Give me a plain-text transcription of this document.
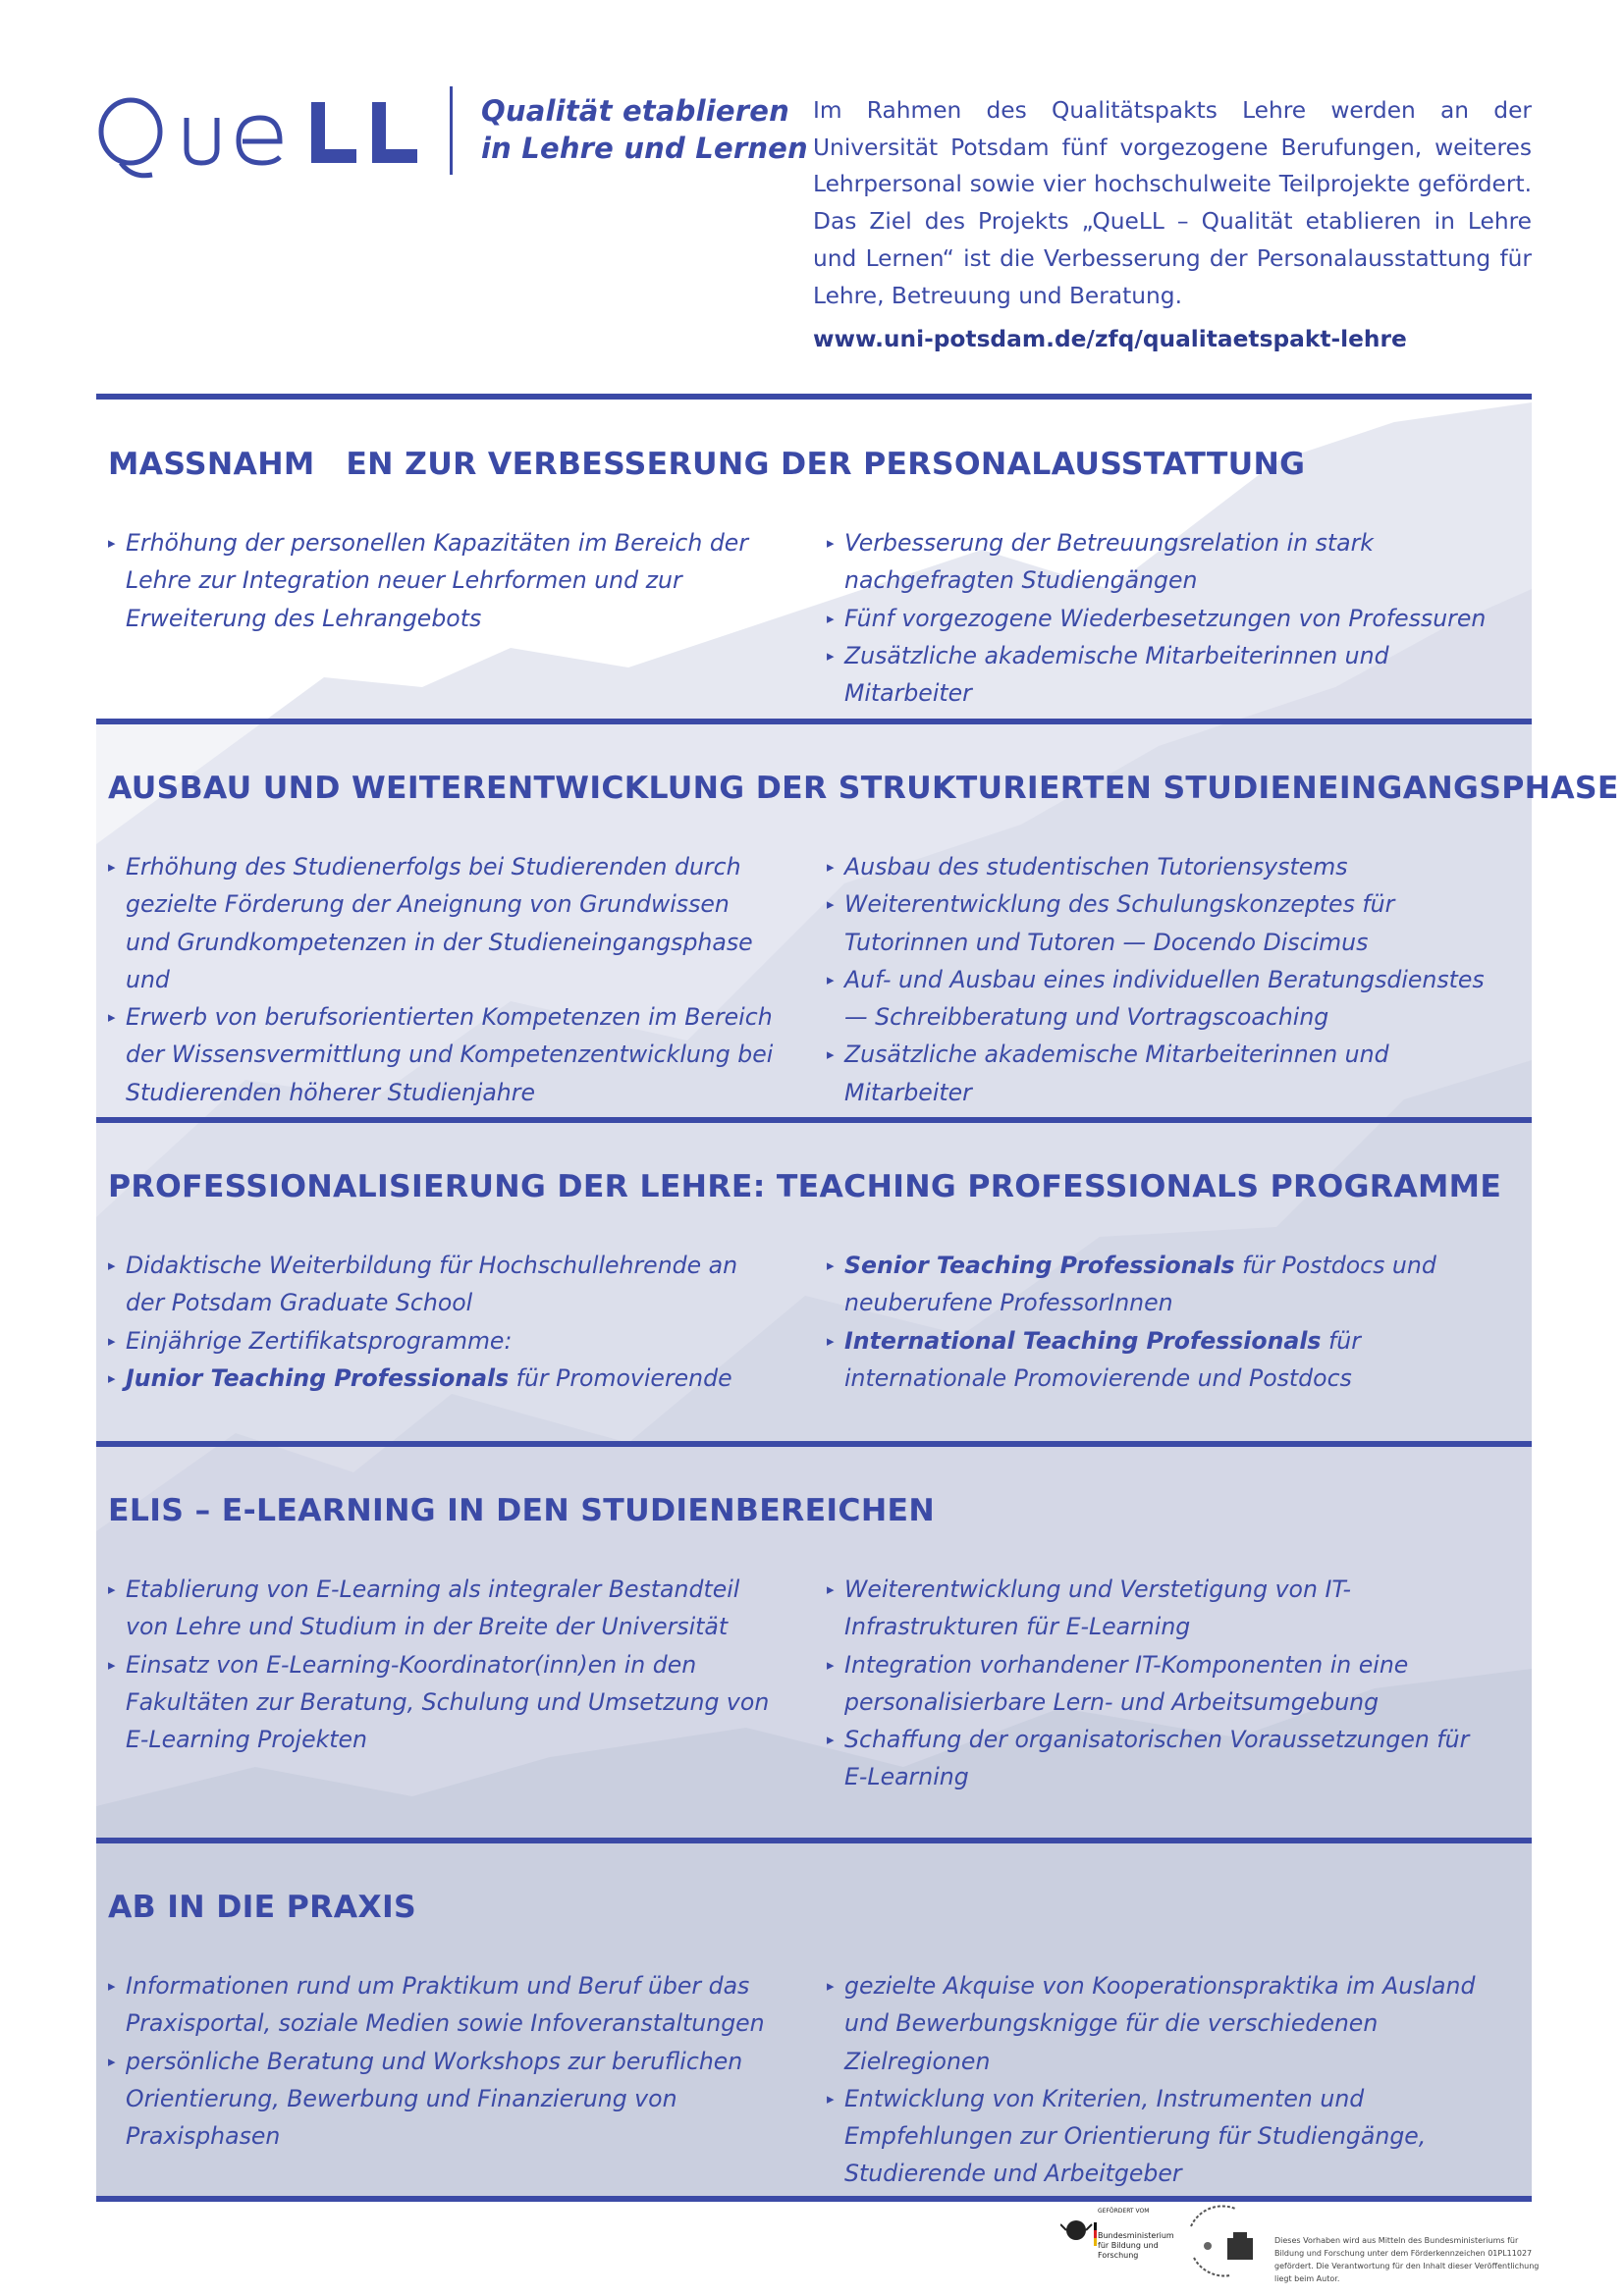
Qualität etablieren
in Lehre und Lernen
Im Rahmen des Qualitätspakts Lehre werden an der Universität Potsdam fünf vorgezogene Berufungen, weiteres Lehrpersonal sowie vier hochschulweite Teilprojekte gefördert. Das Ziel des Projekts „QueLL – Qualität etablieren in Lehre und Lernen“ ist die Verbesserung der Personalausstattung für Lehre, Betreuung und Beratung.
www.uni-potsdam.de/zfq/qualitaetspakt-lehre
MASSNAHM EN ZUR VERBESSERUNG DER PERSONALAUSSTATTUNG
▸ Erhöhung der personellen Kapazitäten im Bereich der Lehre zur Integration neuer Lehrformen und zur Erweiterung des Lehrangebots
▸ Verbesserung der Betreuungsrelation in stark nachgefragten Studiengängen
▸ Fünf vorgezogene Wiederbesetzungen von Professuren
▸ Zusätzliche akademische Mitarbeiterinnen und Mitarbeiter
AUSBAU UND WEITERENTWICKLUNG DER STRUKTURIERTEN STUDIENEINGANGSPHASE
▸ Erhöhung des Studienerfolgs bei Studierenden durch gezielte Förderung der Aneignung von Grundwissen und Grundkompetenzen in der Studieneingangsphase und
▸ Erwerb von berufsorientierten Kompetenzen im Bereich der Wissensvermittlung und Kompetenzentwicklung bei Studierenden höherer Studienjahre
▸ Ausbau des studentischen Tutoriensystems
▸ Weiterentwicklung des Schulungskonzeptes für Tutorinnen und Tutoren — Docendo Discimus
▸ Auf- und Ausbau eines individuellen Beratungsdienstes — Schreibberatung und Vortragscoaching
▸ Zusätzliche akademische Mitarbeiterinnen und Mitarbeiter
PROFESSIONALISIERUNG DER LEHRE: TEACHING PROFESSIONALS PROGRAMME
▸ Didaktische Weiterbildung für Hochschullehrende an der Potsdam Graduate School
▸ Einjährige Zertifikatsprogramme:
▸ Junior Teaching Professionals für Promovierende
▸ Senior Teaching Professionals für Postdocs und neuberufene ProfessorInnen
▸ International Teaching Professionals für internationale Promovierende und Postdocs
ELIS – E-LEARNING IN DEN STUDIENBEREICHEN
▸ Etablierung von E-Learning als integraler Bestandteil von Lehre und Studium in der Breite der Universität
▸ Einsatz von E-Learning-Koordinator(inn)en in den Fakultäten zur Beratung, Schulung und Umsetzung von E-Learning Projekten
▸ Weiterentwicklung und Verstetigung von IT-Infrastrukturen für E-Learning
▸ Integration vorhandener IT-Komponenten in eine personalisierbare Lern- und Arbeitsumgebung
▸ Schaffung der organisatorischen Voraussetzungen für E-Learning
AB IN DIE PRAXIS
▸ Informationen rund um Praktikum und Beruf über das Praxisportal, soziale Medien sowie Infoveranstaltungen
▸ persönliche Beratung und Workshops zur beruflichen Orientierung, Bewerbung und Finanzierung von Praxisphasen
▸ gezielte Akquise von Kooperationspraktika im Ausland und Bewerbungsknigge für die verschiedenen Zielregionen
▸ Entwicklung von Kriterien, Instrumenten und Empfehlungen zur Orientierung für Studiengänge, Studierende und Arbeitgeber
GEFÖRDERT VOM
Bundesministerium für Bildung und Forschung
Dieses Vorhaben wird aus Mitteln des Bundesministeriums für Bildung und Forschung unter dem Förderkennzeichen 01PL11027 gefördert. Die Verantwortung für den Inhalt dieser Veröffentlichung liegt beim Autor.
